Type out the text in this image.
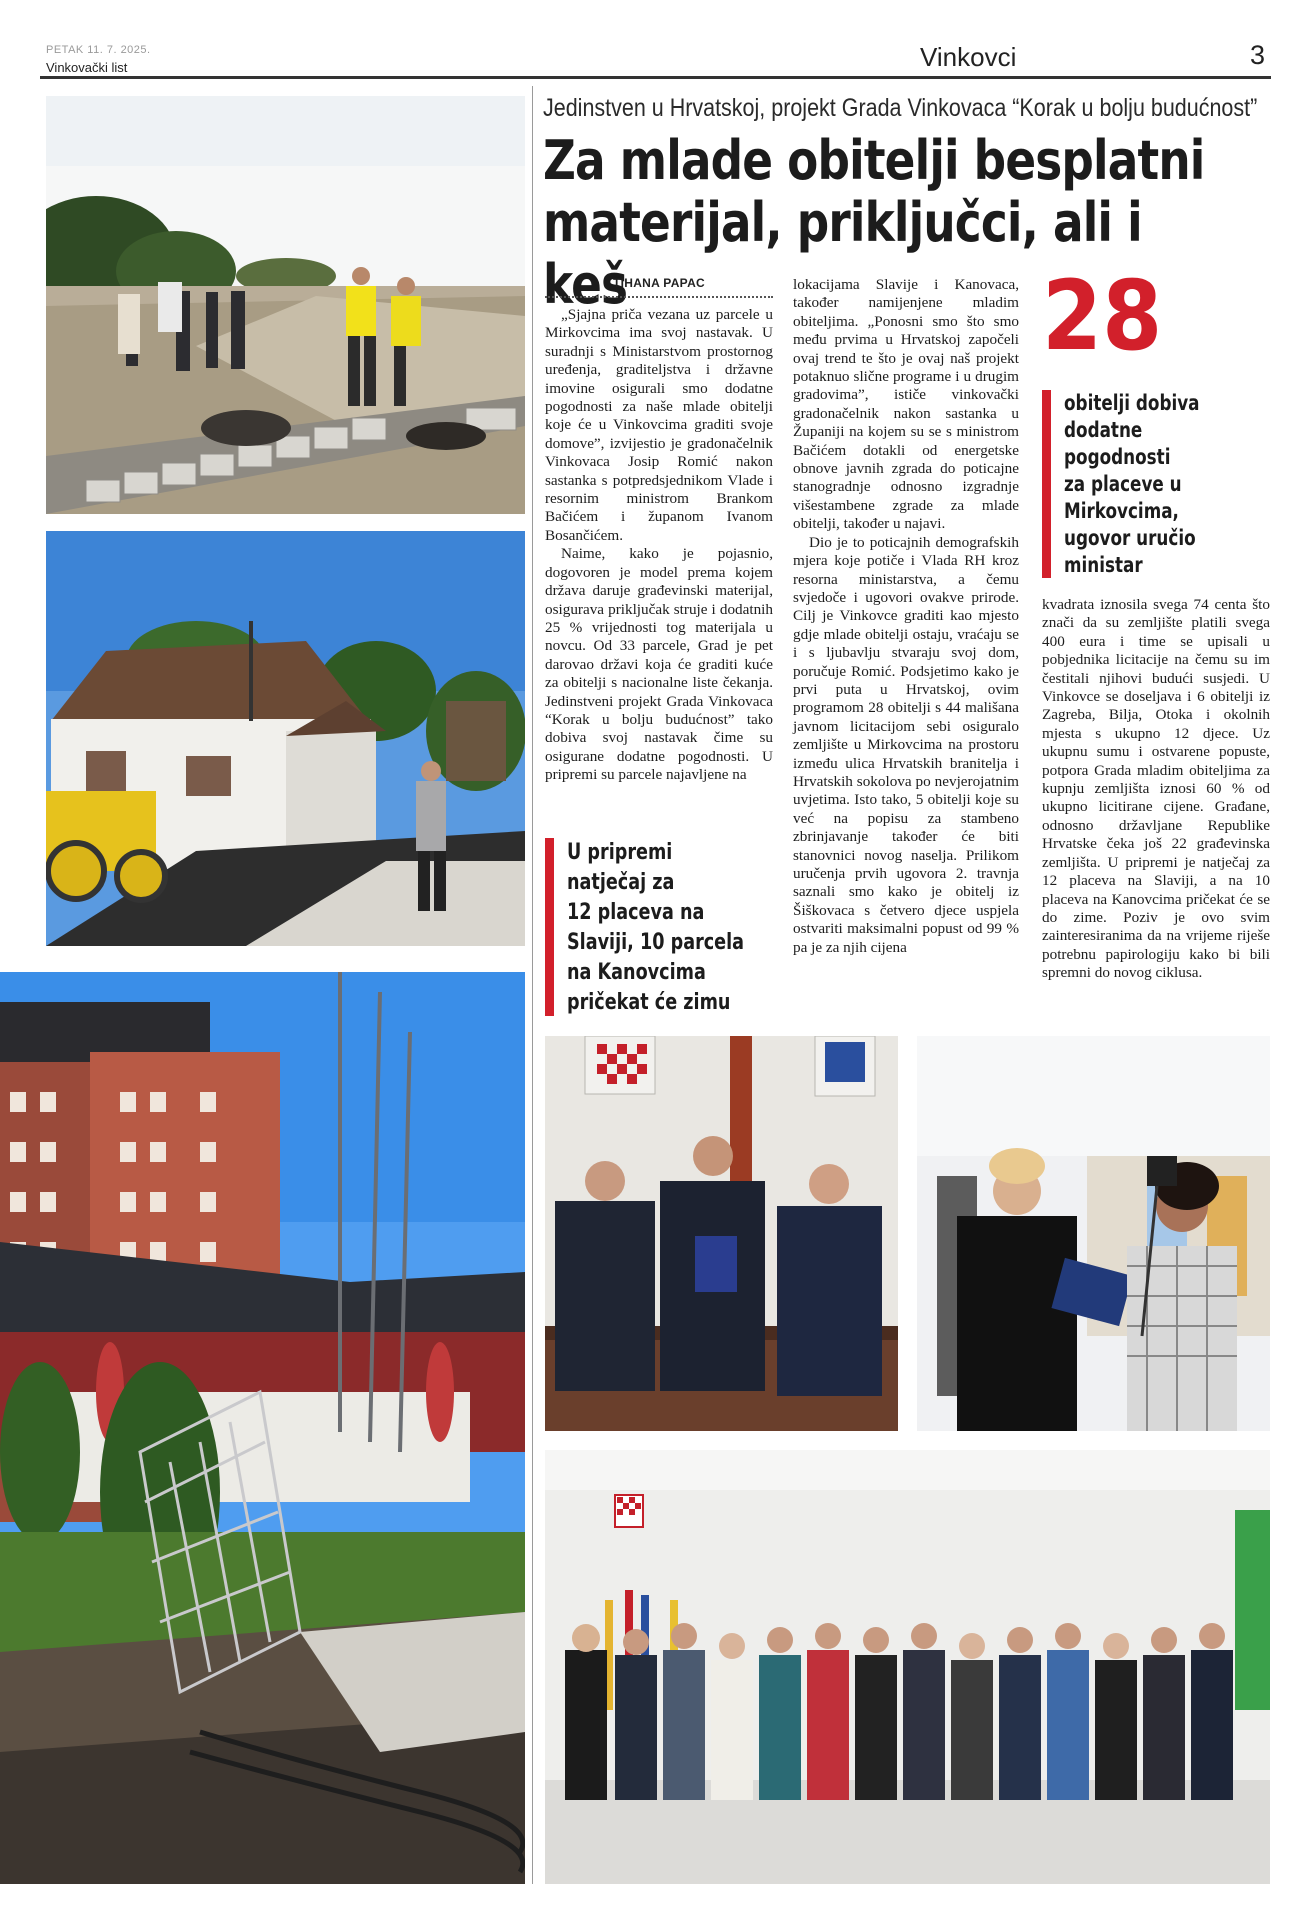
PETAK 11. 7. 2025.
Vinkovački list	Vinkovci	3
Jedinstven u Hrvatskoj, projekt Grada Vinkovaca “Korak u bolju budućnost”
Za mlade obitelji besplatni
materijal, priključci, ali i keš
TIHANA PAPAC

„Sjajna priča vezana uz parcele u Mirkovcima ima svoj nastavak. U suradnji s Ministarstvom prostornog uređenja, graditeljstva i državne imovine osigurali smo dodatne pogodnosti za naše mlade obitelji koje će u Vinkovcima graditi svoje domove”, izvijestio je gradonačelnik Vinkovaca Josip Romić nakon sastanka s potpredsjednikom Vlade i resornim ministrom Brankom Bačićem i županom Ivanom Bosančićem.

Naime, kako je pojasnio, dogovoren je model prema kojem država daruje građevinski materijal, osigurava priključak struje i dodatnih 25 % vrijednosti tog materijala u novcu. Od 33 parcele, Grad je pet darovao državi koja će graditi kuće za obitelji s nacionalne liste čekanja. Jedinstveni projekt Grada Vinkovaca “Korak u bolju budućnost” tako dobiva svoj nastavak čime su osigurane dodatne pogodnosti. U pripremi su parcele najavljene na

lokacijama Slavije i Kanovaca, također namijenjene mladim obiteljima. „Ponosni smo što smo među prvima u Hrvatskoj započeli ovaj trend te što je ovaj naš projekt potaknuo slične programe i u drugim gradovima”, ističe vinkovački gradonačelnik nakon sastanka u Županiji na kojem su se s ministrom Bačićem dotakli od energetske obnove javnih zgrada do poticajne stanogradnje odnosno izgradnje višestambene zgrade za mlade obitelji, također u najavi.

Dio je to poticajnih demografskih mjera koje potiče i Vlada RH kroz resorna ministarstva, a čemu svjedoče i ugovori ovakve prirode. Cilj je Vinkovce graditi kao mjesto gdje mlade obitelji ostaju, vraćaju se i s ljubavlju stvaraju svoj dom, poručuje Romić. Podsjetimo kako je prvi puta u Hrvatskoj, ovim programom 28 obitelji s 44 mališana javnom licitacijom sebi osiguralo zemljište u Mirkovcima na prostoru između ulica Hrvatskih branitelja i Hrvatskih sokolova po nevjerojatnim uvjetima. Isto tako, 5 obitelji koje su već na popisu za stambeno zbrinjavanje također će biti stanovnici novog naselja. Prilikom uručenja prvih ugovora 2. travnja saznali smo kako je obitelj iz Šiškovaca s četvero djece uspjela ostvariti maksimalni popust od 99 % pa je za njih cijena

kvadrata iznosila svega 74 centa što znači da su zemljište platili svega 400 eura i time se upisali u pobjednika licitacije na čemu su im čestitali njihovi budući susjedi. U Vinkovce se doseljava i 6 obitelji iz Zagreba, Bilja, Otoka i okolnih mjesta s ukupno 12 djece. Uz ukupnu sumu i ostvarene popuste, potpora Grada mladim obiteljima za kupnju zemljišta iznosi 60 % od ukupno licitirane cijene. Građane, odnosno državljane Republike Hrvatske čeka još 22 građevinska zemljišta. U pripremi je natječaj za 12 placeva na Slaviji, a na 10 placeva na Kanovcima pričekat će se do zime. Poziv je ovo svim zainteresiranima da na vrijeme riješe potrebnu papirologiju kako bi bili spremni do novog ciklusa.

28
obitelji dobiva
dodatne
pogodnosti
za placeve u
Mirkovcima,
ugovor uručio
ministar
U pripremi
natječaj za
12 placeva na
Slaviji, 10 parcela
na Kanovcima
pričekat će zimu
